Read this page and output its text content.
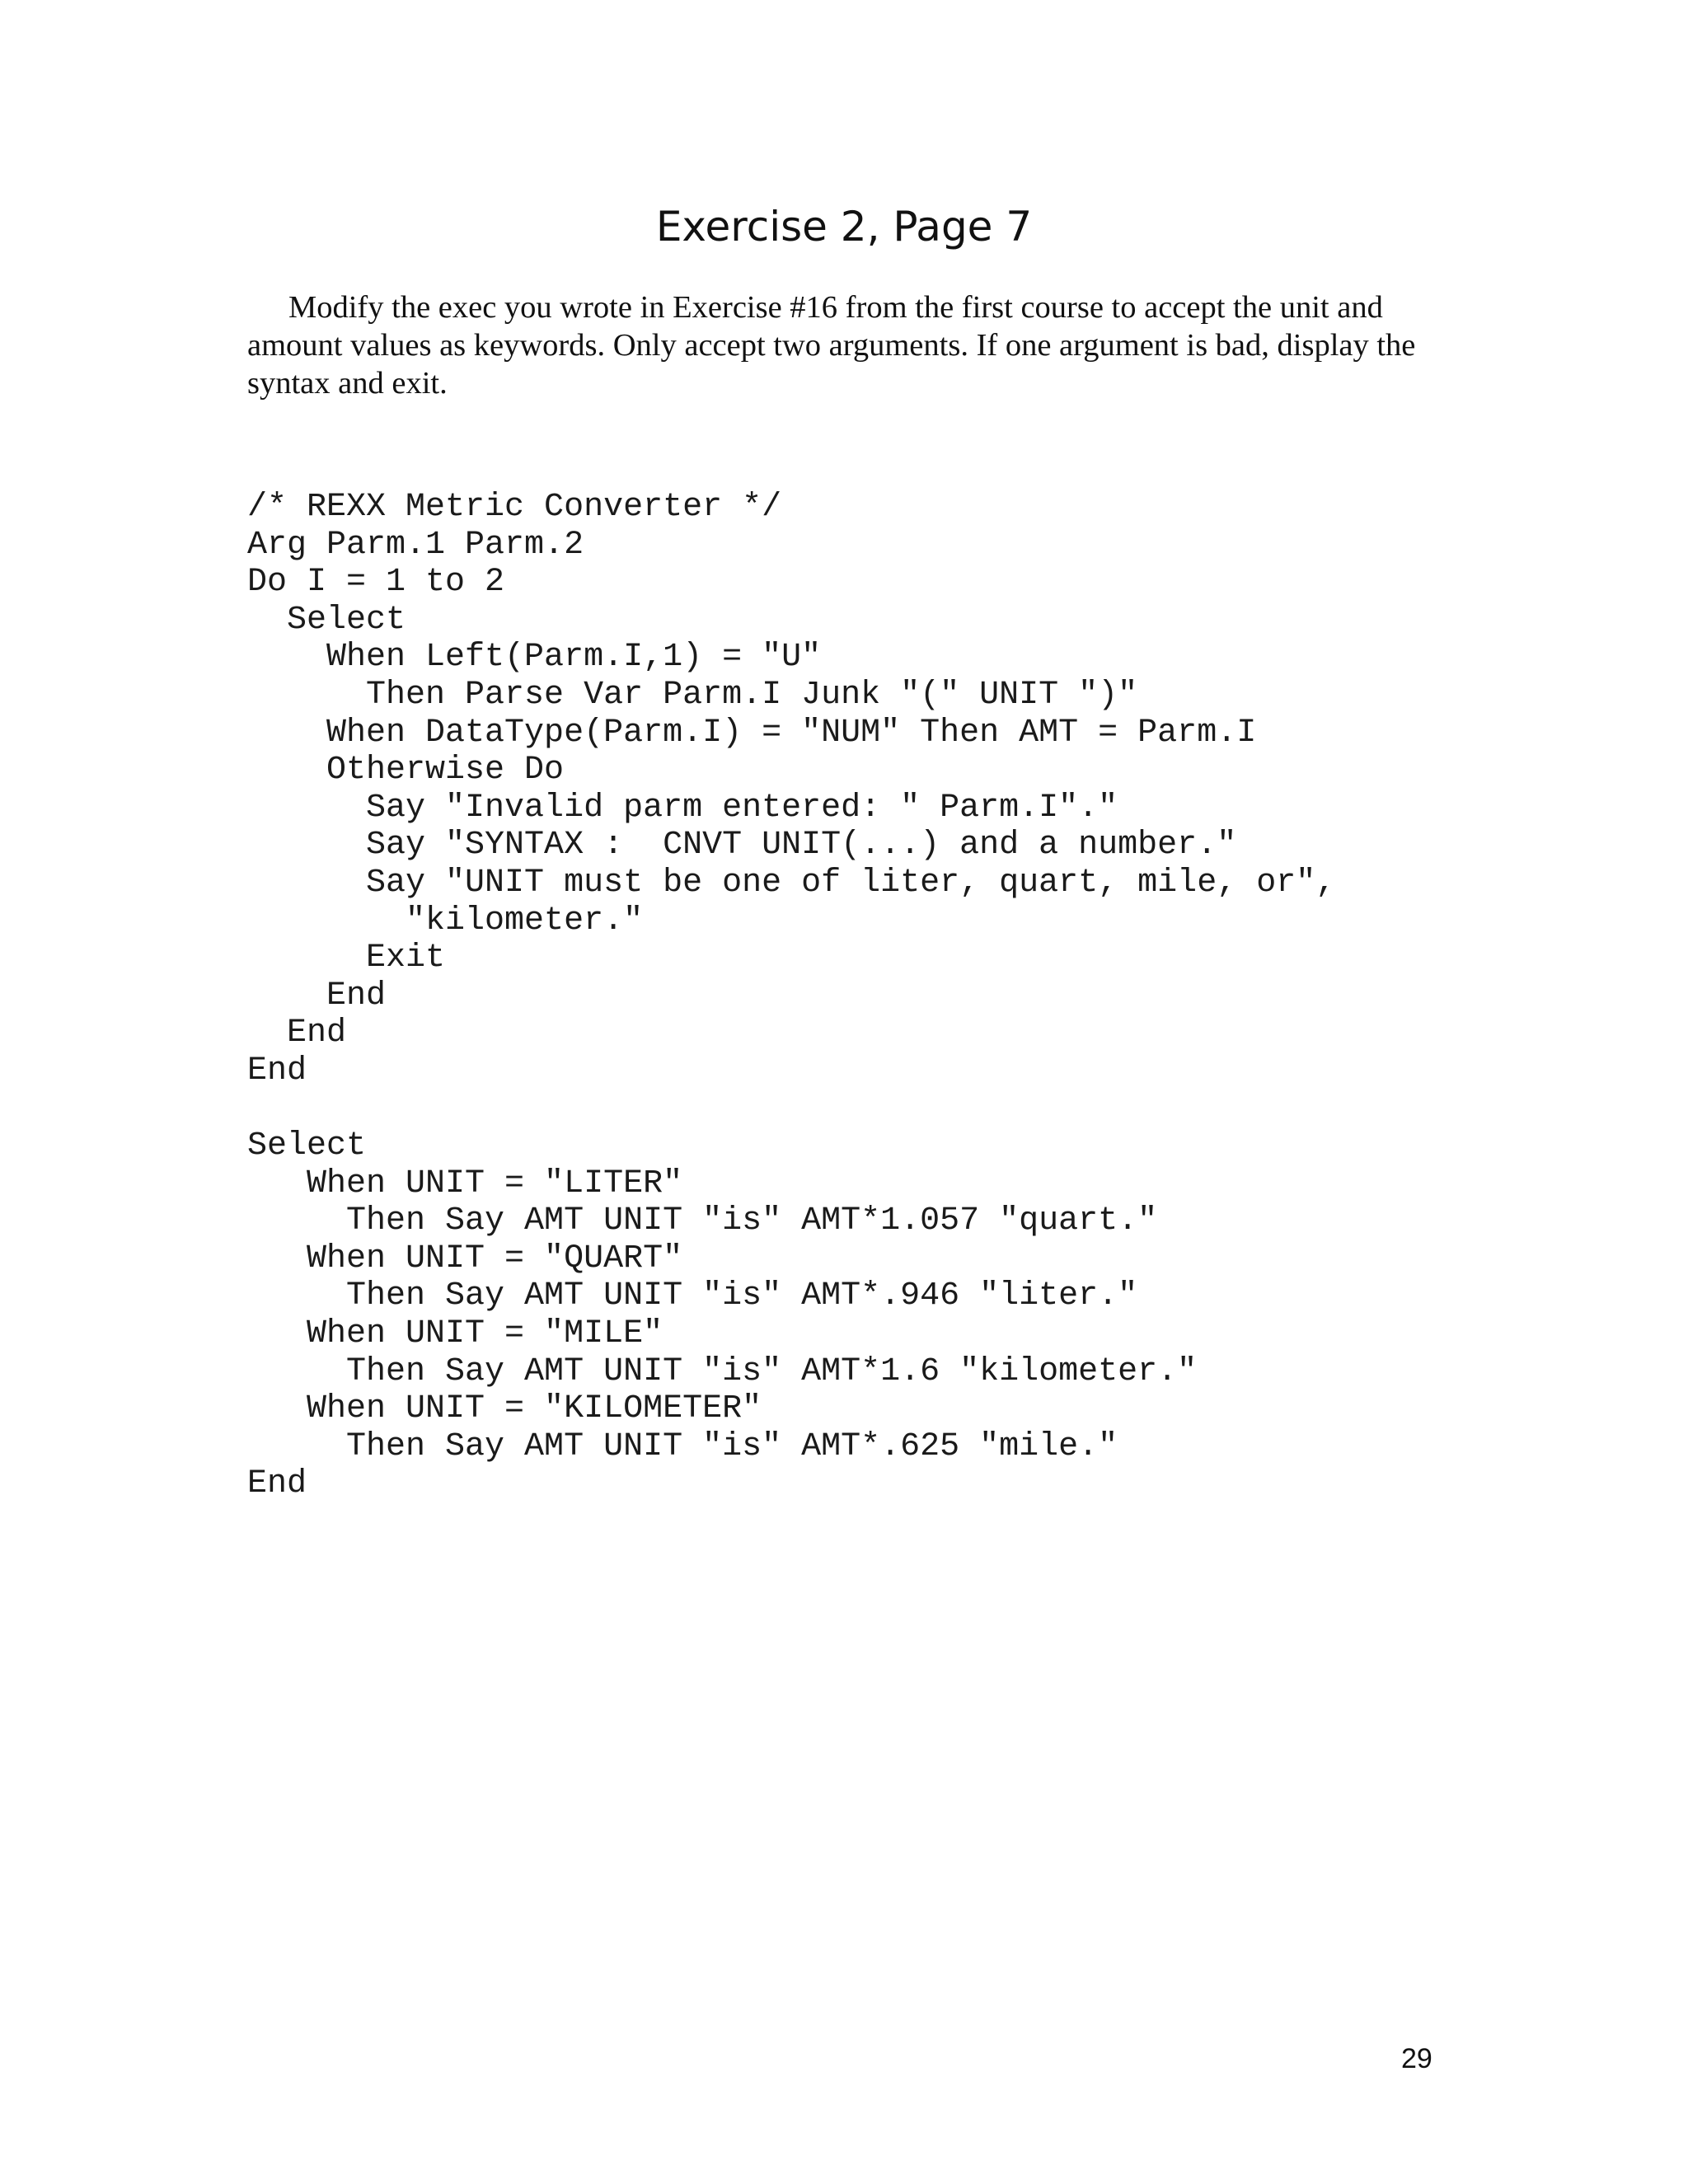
Exercise 2, Page 7

Modify the exec you wrote in Exercise #16 from the first course to accept the unit and amount values as keywords. Only accept two arguments. If one argument is bad, display the syntax and exit.

/* REXX Metric Converter */
Arg Parm.1 Parm.2
Do I = 1 to 2
Select
When Left(Parm.I,1) = "U"
Then Parse Var Parm.I Junk "(" UNIT ")"
When DataType(Parm.I) = "NUM" Then AMT = Parm.I
Otherwise Do
Say "Invalid parm entered: " Parm.I"."
Say "SYNTAX :  CNVT UNIT(...) and a number."
Say "UNIT must be one of liter, quart, mile, or",
"kilometer."
Exit
End
End
End
Select
When UNIT = "LITER"
Then Say AMT UNIT "is" AMT*1.057 "quart."
When UNIT = "QUART"
Then Say AMT UNIT "is" AMT*.946 "liter."
When UNIT = "MILE"
Then Say AMT UNIT "is" AMT*1.6 "kilometer."
When UNIT = "KILOMETER"
Then Say AMT UNIT "is" AMT*.625 "mile."
End
29
